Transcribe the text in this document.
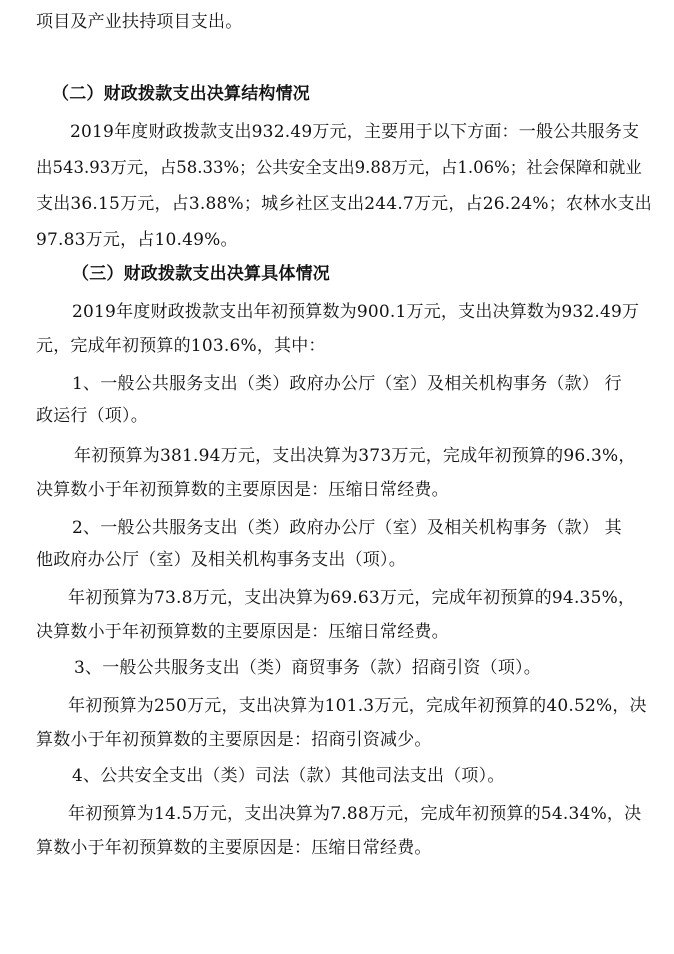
项目及产业扶持项目支出。
（二）财政拨款支出决算结构情况
2019年度财政拨款支出932.49万元，主要用于以下方面：一般公共服务支
出543.93万元，占58.33%；公共安全支出9.88万元，占1.06%；社会保障和就业
支出36.15万元，占3.88%；城乡社区支出244.7万元，占26.24%；农林水支出
97.83万元，占10.49%。
（三）财政拨款支出决算具体情况
2019年度财政拨款支出年初预算数为900.1万元，支出决算数为932.49万
元，完成年初预算的103.6%，其中：
1、一般公共服务支出（类）政府办公厅（室）及相关机构事务（款） 行
政运行（项）。
年初预算为381.94万元，支出决算为373万元，完成年初预算的96.3%，
决算数小于年初预算数的主要原因是：压缩日常经费。
2、一般公共服务支出（类）政府办公厅（室）及相关机构事务（款） 其
他政府办公厅（室）及相关机构事务支出（项）。
年初预算为73.8万元，支出决算为69.63万元，完成年初预算的94.35%，
决算数小于年初预算数的主要原因是：压缩日常经费。
3、一般公共服务支出（类）商贸事务（款）招商引资（项）。
年初预算为250万元，支出决算为101.3万元，完成年初预算的40.52%，决
算数小于年初预算数的主要原因是：招商引资减少。
4、公共安全支出（类）司法（款）其他司法支出（项）。
年初预算为14.5万元，支出决算为7.88万元，完成年初预算的54.34%，决
算数小于年初预算数的主要原因是：压缩日常经费。
